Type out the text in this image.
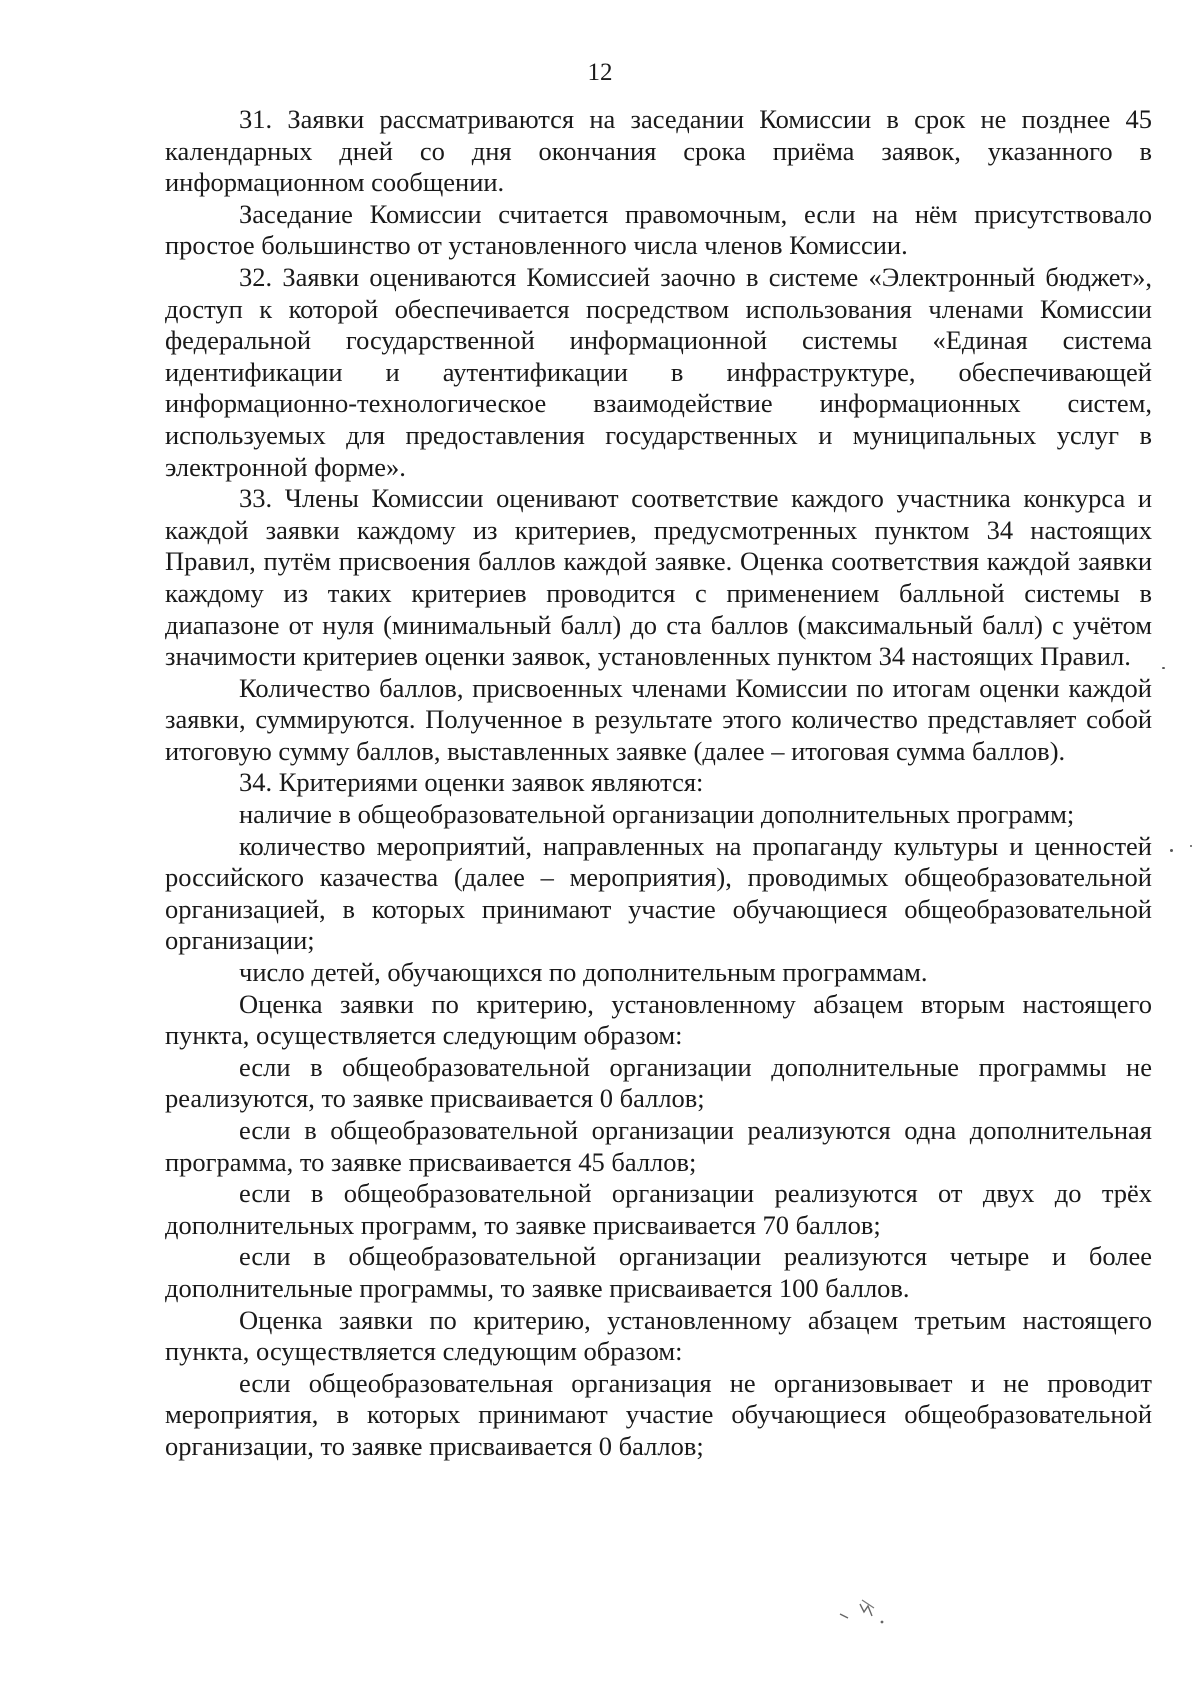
12

31. Заявки рассматриваются на заседании Комиссии в срок не позднее 45 календарных дней со дня окончания срока приёма заявок, указанного в информационном сообщении.

Заседание Комиссии считается правомочным, если на нём присутствовало простое большинство от установленного числа членов Комиссии.

32. Заявки оцениваются Комиссией заочно в системе «Электронный бюджет», доступ к которой обеспечивается посредством использования членами Комиссии федеральной государственной информационной системы «Единая система идентификации и аутентификации в инфраструктуре, обеспечивающей информационно-технологическое взаимодействие информационных систем, используемых для предоставления государственных и муниципальных услуг в электронной форме».

33. Члены Комиссии оценивают соответствие каждого участника конкурса и каждой заявки каждому из критериев, предусмотренных пунктом 34 настоящих Правил, путём присвоения баллов каждой заявке. Оценка соответствия каждой заявки каждому из таких критериев проводится с применением балльной системы в диапазоне от нуля (минимальный балл) до ста баллов (максимальный балл) с учётом значимости критериев оценки заявок, установленных пунктом 34 настоящих Правил.

Количество баллов, присвоенных членами Комиссии по итогам оценки каждой заявки, суммируются. Полученное в результате этого количество представляет собой итоговую сумму баллов, выставленных заявке (далее – итоговая сумма баллов).

34. Критериями оценки заявок являются:

наличие в общеобразовательной организации дополнительных программ;

количество мероприятий, направленных на пропаганду культуры и ценностей российского казачества (далее – мероприятия), проводимых общеобразовательной организацией, в которых принимают участие обучающиеся общеобразовательной организации;

число детей, обучающихся по дополнительным программам.

Оценка заявки по критерию, установленному абзацем вторым настоящего пункта, осуществляется следующим образом:

если в общеобразовательной организации дополнительные программы не реализуются, то заявке присваивается 0 баллов;

если в общеобразовательной организации реализуются одна дополнительная программа, то заявке присваивается 45 баллов;

если в общеобразовательной организации реализуются от двух до трёх дополнительных программ, то заявке присваивается 70 баллов;

если в общеобразовательной организации реализуются четыре и более дополнительные программы, то заявке присваивается 100 баллов.

Оценка заявки по критерию, установленному абзацем третьим настоящего пункта, осуществляется следующим образом:

если общеобразовательная организация не организовывает и не проводит мероприятия, в которых принимают участие обучающиеся общеобразовательной организации, то заявке присваивается 0 баллов;
